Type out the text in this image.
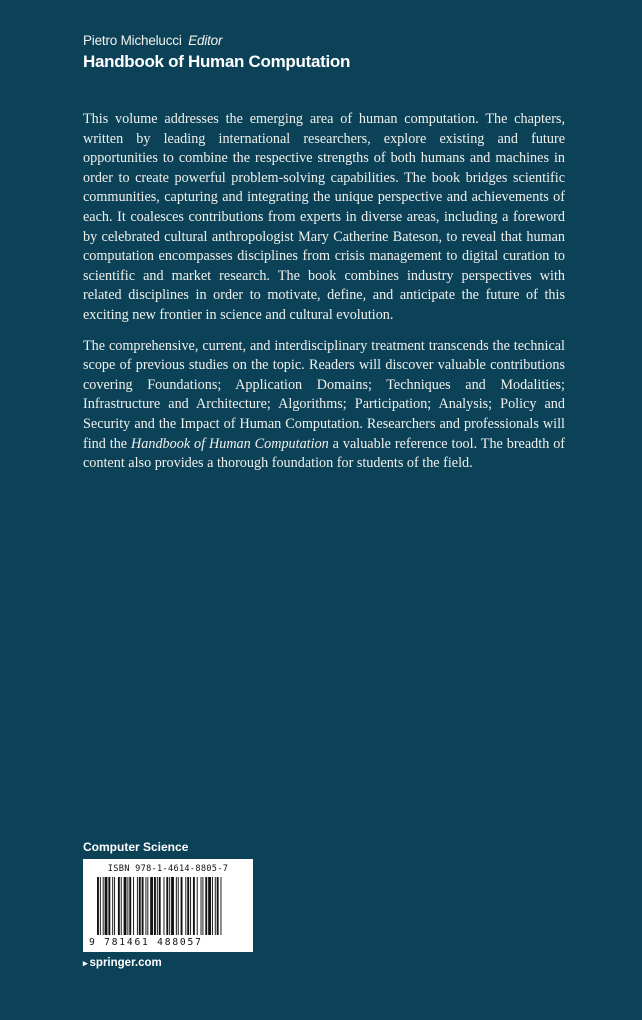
Pietro Michelucci Editor
Handbook of Human Computation

This volume addresses the emerging area of human computation. The chapters, written by leading international researchers, explore existing and future opportunities to combine the respective strengths of both humans and machines in order to create powerful problem-solving capabilities. The book bridges scientific communities, capturing and integrating the unique perspective and achievements of each. It coalesces contributions from experts in diverse areas, including a foreword by celebrated cultural anthropologist Mary Catherine Bateson, to reveal that human computation encompasses disciplines from crisis management to digital curation to scientific and market research. The book combines industry perspectives with related disciplines in order to motivate, define, and anticipate the future of this exciting new frontier in science and cultural evolution.

The comprehensive, current, and interdisciplinary treatment transcends the technical scope of previous studies on the topic. Readers will discover valuable contributions covering Foundations; Application Domains; Techniques and Modalities; Infrastructure and Architecture; Algorithms; Participation; Analysis; Policy and Security and the Impact of Human Computation. Researchers and professionals will find the Handbook of Human Computation a valuable reference tool. The breadth of content also provides a thorough foundation for students of the field.

Computer Science
ISBN 978-1-4614-8805-7
9 781461 488057
▸ springer.com
